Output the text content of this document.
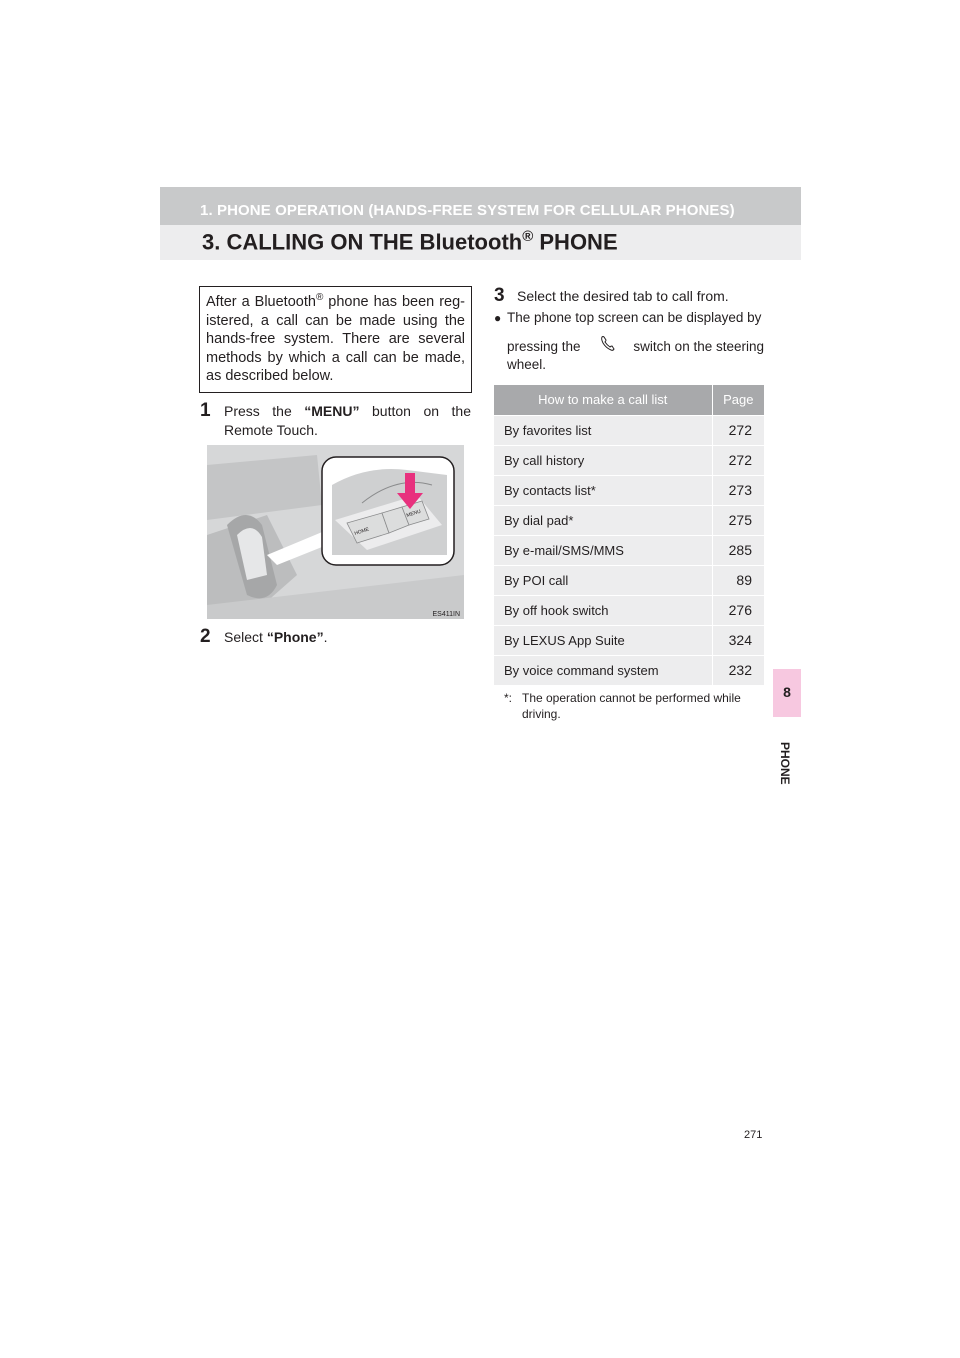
1. PHONE OPERATION (HANDS-FREE SYSTEM FOR CELLULAR PHONES)
3. CALLING ON THE Bluetooth® PHONE
8
PHONE
After a Bluetooth® phone has been reg-istered, a call can be made using the hands-free system. There are several methods by which a call can be made, as described below.
1 Press the “MENU” button on the Remote Touch.
HOME
MENU
ES411IN
2 Select “Phone”.
3 Select the desired tab to call from.
● The phone top screen can be displayed by
pressing the	switch on the steering
wheel.
How to make a call list	Page
By favorites list	272
By call history	272
By contacts list*	273
By dial pad*	275
By e-mail/SMS/MMS	285
By POI call	89
By off hook switch	276
By LEXUS App Suite	324
By voice command system	232
*: The operation cannot be performed while driving.
271
